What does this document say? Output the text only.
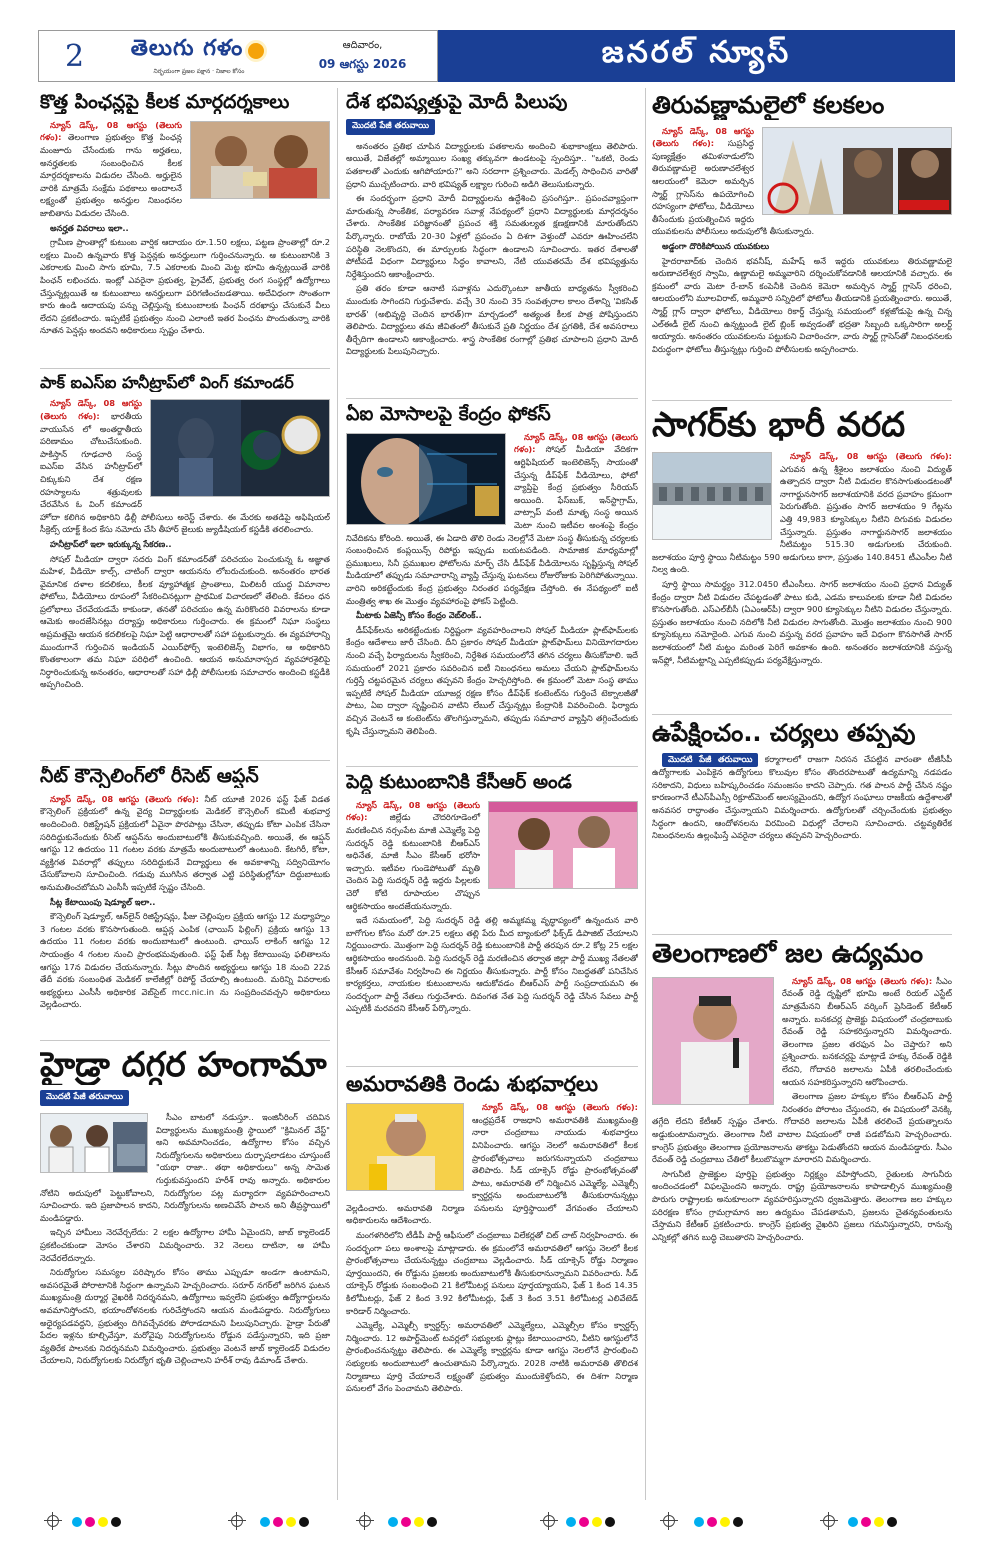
2	తెలుగు గళం
నిర్భయంగా ప్రజల పక్షాన · నిజాల కోసం
ఆదివారం,
09 ఆగస్టు 2026	జనరల్ న్యూస్
కొత్త పింఛన్లపై కీలక మార్గదర్శకాలు

న్యూస్ డెస్క్, 08 ఆగస్టు (తెలుగు గళం): తెలంగాణ ప్రభుత్వం కొత్త పింఛన్ల మంజూరు చేసేందుకు గాను అర్హతలు, అనర్హతలకు సంబంధించిన కీలక మార్గదర్శకాలను విడుదల చేసింది. అర్హులైన వారికి మాత్రమే సంక్షేమ పథకాలు అందాలనే లక్ష్యంతో ప్రభుత్వం అనర్హుల నిబంధనల జాబితాను విడుదల చేసింది.

అనర్హత వివరాలు ఇలా..

గ్రామీణ ప్రాంతాల్లో కుటుంబ వార్షిక ఆదాయం రూ.1.50 లక్షలు, పట్టణ ప్రాంతాల్లో రూ.2 లక్షలు మించి ఉన్నవారు కొత్త పెన్షన్లకు అనర్హులుగా గుర్తించనున్నారు. ఆ కుటుంబానికి 3 ఎకరాలకు మించి సాగు భూమి, 7.5 ఎకరాలకు మించి మెట్ట భూమి ఉన్నట్లయితే వారికి పింఛన్ లభించదు. ఇంట్లో ఎవరైనా ప్రభుత్వ, ప్రైవేట్, ప్రభుత్వ రంగ సంస్థల్లో ఉద్యోగాలు చేస్తున్నట్లయితే ఆ కుటుంబాలు అనర్హులుగా పరిగణించబడతాయి. అదేవిధంగా సొంతంగా కారు ఉండి ఆదాయపు పన్ను చెల్లిస్తున్న కుటుంబాలకు పింఛన్ దరఖాస్తు చేసుకునే వీలు లేదని ప్రకటించారు. ఇప్పటికే ప్రభుత్వం నుంచి ఎలాంటి ఇతర పింఛను పొందుతున్నా వారికి నూతన పెన్షన్లు అందవని అధికారులు స్పష్టం చేశారు.

పాక్ ఐఎస్ఐ హనీట్రాప్‌లో వింగ్ కమాండర్

న్యూస్ డెస్క్, 08 ఆగస్టు (తెలుగు గళం): భారతీయ వాయుసేన లో అంతర్జాతీయ పరిణామం చోటుచేసుకుంది. పాకిస్తాన్ గూఢచారి సంస్థ ఐఎస్ఐ వేసిన హనీట్రాప్‌లో చిక్కుకుని దేశ రక్షణ రహస్యాలను శత్రువులకు చేరవేసిన ఓ వింగ్ కమాండర్ హోదా కలిగిన అధికారిని ఢిల్లీ పోలీసులు అరెస్ట్ చేశారు. ఈ మేరకు అతడిపై అఫిషియల్ సీక్రెట్స్ యాక్ట్ కింద కేసు నమోదు చేసి తీహార్ జైలుకు జ్యుడీషియల్ కస్టడీకి తరలించారు.

హనీట్రాప్‌లో ఇలా ఇరుక్కున్న సేకరణ..

సోషల్ మీడియా ద్వారా సదరు వింగ్ కమాండర్‌తో పరిచయం పెంచుకున్న ఓ అజ్ఞాత మహిళ, వీడియో కాల్స్, చాటింగ్ ద్వారా ఆయనను లోబరుచుకుంది. అనంతరం భారత వైమానిక దళాల కదలికలు, కీలక వ్యూహాత్మక ప్రాంతాలు, మిలిటరీ యుద్ధ విమానాల ఫోటోలు, వీడియోలు రూపంలో సేకరించినట్లుగా ప్రాథమిక విచారణలో తేలింది. కేవలం ధన ప్రలోభాలు చేరవేయడమే కాకుండా, తనతో పరిచయం ఉన్న మరికొందరి వివరాలను కూడా ఆమెకు అందజేసినట్లు దర్యాప్తు అధికారులు గుర్తించారు. ఈ క్రమంలో నిఘా సంస్థలు అప్రమత్తమై ఆయన కదలికలపై నిఘా పెట్టి ఆధారాలతో సహా పట్టుకున్నారు. ఈ వ్యవహారాన్ని ముందుగానే గుర్తించిన ఇండియన్ ఎయిర్‌ఫోర్స్ ఇంటెలిజెన్స్ విభాగం, ఆ అధికారిని కొంతకాలంగా తమ నిఘా పరిధిలో ఉంచింది. ఆయన అనుమానాస్పద వ్యవహారశైలిపై నిర్ధారించుకున్న అనంతరం, ఆధారాలతో సహా ఢిల్లీ పోలీసులకు సమాచారం అందించి కస్టడీకి అప్పగించింది.

నీట్ కౌన్సెలింగ్‌లో రీసెట్ ఆప్షన్

న్యూస్ డెస్క్, 08 ఆగస్టు (తెలుగు గళం): నీట్ యూజీ 2026 ఫస్ట్ ఫేజ్ విడత కౌన్సెలింగ్ ప్రక్రియలో ఉన్న వైద్య విద్యార్థులకు మెడికల్ కౌన్సెలింగ్ కమిటీ శుభవార్త అందించింది. రిజిస్ట్రేషన్ ప్రక్రియలో ఏవైనా పొరపాట్లు చేసినా, తప్పుడు కోటా ఎంపిక చేసినా సరిదిద్దుకునేందుకు రీసెట్ ఆప్షన్‌ను అందుబాటులోకి తీసుకువచ్చింది. అయితే, ఈ ఆప్షన్ ఆగస్టు 12 ఉదయం 11 గంటల వరకు మాత్రమే అందుబాటులో ఉంటుంది. కేటగిరీ, కోటా, వ్యక్తిగత వివరాల్లో తప్పులు సరిదిద్దుకునే విద్యార్థులు ఈ అవకాశాన్ని సద్వినియోగం చేసుకోవాలని సూచించింది. గడువు ముగిసిన తర్వాత ఎట్టి పరిస్థితుల్లోనూ దిద్దుబాటుకు అనుమతించబోమని ఎంసీసీ ఇప్పటికే స్పష్టం చేసింది.

సీట్ల కేటాయింపు షెడ్యూల్ ఇలా..

కౌన్సెలింగ్ షెడ్యూల్, ఆన్‌లైన్ రిజిస్ట్రేషన్లు, ఫీజు చెల్లింపుల ప్రక్రియ ఆగస్టు 12 మధ్యాహ్నం 3 గంటల వరకు కొనసాగుతుంది. ఆప్షన్ల ఎంపిక (ఛాయిస్ ఫిల్లింగ్) ప్రక్రియ ఆగస్టు 13 ఉదయం 11 గంటల వరకు అందుబాటులో ఉంటుంది. ఛాయిస్ లాకింగ్ ఆగస్టు 12 సాయంత్రం 4 గంటల నుంచి ప్రారంభమవుతుంది. ఫస్ట్ ఫేజ్ సీట్ల కేటాయింపు ఫలితాలను ఆగస్టు 17న విడుదల చేయనున్నారు. సీట్లు పొందిన అభ్యర్థులు ఆగస్టు 18 నుంచి 22వ తేదీ వరకు సంబంధిత మెడికల్ కాలేజీల్లో రిపోర్ట్ చేయాల్సి ఉంటుంది. మరిన్ని వివరాలకు అభ్యర్థులు ఎంసీసీ అధికారిక వెబ్‌సైట్ mcc.nic.in ను సంప్రదించవచ్చని అధికారులు వెల్లడించారు.

హైడ్రా దగ్గర హంగామా
మొదటి పేజీ తరువాయి

సీఎం బాటలో నడుస్తూ.. ఇంజినీరింగ్ చదివిన విద్యార్థులను ముఖ్యమంత్రి స్థాయిలో "క్రిమినల్ వేస్ట్" అని అవమానించడం, ఉద్యోగాల కోసం వచ్చిన నిరుద్యోగులను అధికారులు దుర్భాషలాడటం చూస్తుంటే "యథా రాజా.. తథా అధికారులు" అన్న సామెత గుర్తుకువస్తుందని హరీశ్ రావు అన్నారు. అధికారుల నోటిని అదుపులో పెట్టుకోవాలని, నిరుద్యోగుల పట్ల మర్యాదగా వ్యవహరించాలని సూచించారు. ఇది ప్రజాపాలన కాదని, నిరుద్యోగులను అణచివేసే పాలన అని తీవ్రస్థాయిలో మండిపడ్డారు.

ఇచ్చిన హామీలు నెరవేర్చలేదు: 2 లక్షల ఉద్యోగాల హామీ ఏమైందని, జాబ్ క్యాలెండర్ ప్రకటించకుండా మోసం చేశారని విమర్శించారు. 32 నెలలు దాటినా, ఆ హామీ నెరవేరలేదన్నారు.

నిరుద్యోగుల సమస్యల పరిష్కారం కోసం తాము ఎప్పుడూ అండగా ఉంటామని, అవసరమైతే పోరాటానికి సిద్ధంగా ఉన్నామని హెచ్చరించారు. సరూర్ నగర్‌లో జరిగిన ఘటన ముఖ్యమంత్రి దుర్మార్గ వైఖరికి నిదర్శనమని, ఉద్యోగాలు ఇవ్వలేని ప్రభుత్వం ఉద్యోగార్థులను అవమానిస్తోందని, భయాందోళనలకు గురిచేస్తోందని ఆయన మండిపడ్డారు. నిరుద్యోగులు అధైర్యపడవద్దని, ప్రభుత్వం దిగివచ్చేవరకు పోరాడదామని పిలుపునిచ్చారు. హైడ్రా పేరుతో పేదల ఇళ్లను కూల్చివేస్తూ, మరోవైపు నిరుద్యోగులను రోడ్డున పడేస్తున్నారని, ఇది ప్రజా వ్యతిరేక పాలనకు నిదర్శనమని విమర్శించారు. ప్రభుత్వం వెంటనే జాబ్ క్యాలెండర్ విడుదల చేయాలని, నిరుద్యోగులకు నిరుద్యోగ భృతి చెల్లించాలని హరీశ్ రావు డిమాండ్ చేశారు.

దేశ భవిష్యత్తుపై మోదీ పిలుపు
మొదటి పేజీ తరువాయి

అనంతరం ప్రతిభ చూపిన విద్యార్థులకు పతకాలను అందించి శుభాకాంక్షలు తెలిపారు. అయితే, విజేతల్లో అమ్మాయిల సంఖ్య తక్కువగా ఉండటంపై స్పందిస్తూ.. "ఒకటి, రెండు పతకాలతో ఎందుకు ఆగిపోయారు?" అని సరదాగా ప్రశ్నించారు. మెడల్స్ సాధించిన వారితో ప్రధాని ముచ్చటించారు. వారి భవిష్యత్ లక్ష్యాల గురించి అడిగి తెలుసుకున్నారు.

ఈ సందర్భంగా ప్రధాని మోదీ విద్యార్థులను ఉద్దేశించి ప్రసంగిస్తూ.. ప్రపంచవ్యాప్తంగా మారుతున్న సాంకేతిక, పర్యావరణ సవాళ్ల నేపథ్యంలో ప్రధాని విద్యార్థులకు మార్గదర్శనం చేశారు. సాంకేతిక పరిజ్ఞానంతో ప్రపంచ శక్తి సమతుల్యత క్షణక్షణానికి మారుతోందని పేర్కొన్నారు. రాబోయే 20-30 ఏళ్లలో ప్రపంచం ఏ దిశగా వెళ్తుందో ఎవరూ ఊహించలేని పరిస్థితి నెలకొందని, ఈ మార్పులకు సిద్ధంగా ఉండాలని సూచించారు. ఇతర దేశాలతో పోటీపడే విధంగా విద్యార్థులు సిద్ధం కావాలని, నేటి యువతరమే దేశ భవిష్యత్తును నిర్దేశిస్తుందని ఆకాంక్షించారు.

ప్రతి తరం కూడా ఆనాటి సవాళ్లను ఎదుర్కొంటూ జాతీయ బాధ్యతను స్వీకరించి ముందుకు సాగిందని గుర్తుచేశారు. వచ్చే 30 నుంచి 35 సంవత్సరాల కాలం దేశాన్ని 'వికసిత్ భారత్' (అభివృద్ధి చెందిన భారత్)గా మార్చడంలో అత్యంత కీలక పాత్ర పోషిస్తుందని తెలిపారు. విద్యార్థులు తమ జీవితంలో తీసుకునే ప్రతి నిర్ణయం దేశ ప్రగతికి, దేశ అవసరాలు తీర్చేదిగా ఉండాలని ఆకాంక్షించారు. శాస్త్ర సాంకేతిక రంగాల్లో ప్రతిభ చూపాలని ప్రధాని మోదీ విద్యార్థులకు పిలుపునిచ్చారు.

ఏఐ మోసాలపై కేంద్రం ఫోకస్

న్యూస్ డెస్క్, 08 ఆగస్టు (తెలుగు గళం): సోషల్ మీడియా వేదికగా ఆర్టిఫిషియల్ ఇంటెలిజెన్స్ సాయంతో చేస్తున్న డీప్‌ఫేక్ వీడియోలు, ఫోటో వ్యాప్తిపై కేంద్ర ప్రభుత్వం సీరియస్ అయింది. ఫేస్‌బుక్, ఇన్‌స్టాగ్రామ్, వాట్సాప్ వంటి మాతృ సంస్థ అయిన మెటా నుంచి ఇటీవల అంశంపై కేంద్రం నివేదికను కోరింది. అయితే, ఈ ఏడాది తొలి రెండు నెలల్లోనే మెటా సంస్థ తీసుకున్న చర్యలకు సంబంధించిన కంప్లయిన్స్ రిపోర్టు ఇప్పుడు బయటపడింది. సామాజిక మాధ్యమాల్లో ప్రముఖులు, సినీ ప్రముఖుల ఫోటోలను మార్ఫ్ చేసి డీప్‌ఫేక్ వీడియోలను సృష్టిస్తున్న సోషల్ మీడియాలో తప్పుడు సమాచారాన్ని వ్యాప్తి చేస్తున్న ఘటనలు రోజురోజుకు పెరిగిపోతున్నాయి. వారిని అరికట్టేందుకు కేంద్ర ప్రభుత్వం నిరంతర పర్యవేక్షణ చేస్తోంది. ఈ నేపథ్యంలో ఐటీ మంత్రిత్వ శాఖ ఈ మొత్తం వ్యవహారంపై ఫోకస్ పెట్టింది.

మీటాకు ఏజెన్సీ కోసం కేంద్రం వెబ్‌లింక్..

డీప్‌ఫేక్‌లను అరికట్టేందుకు నిర్దిష్టంగా వ్యవహరించాలని సోషల్ మీడియా ప్లాట్‌ఫామ్‌లకు కేంద్రం ఆదేశాలు జారీ చేసింది. దీని ప్రకారం సోషల్ మీడియా ప్లాట్‌ఫామ్‌లు వినియోగదారుల నుంచి వచ్చే ఫిర్యాదులను స్వీకరించి, నిర్దేశిత సమయంలోనే తగిన చర్యలు తీసుకోవాలి. ఇదే సమయంలో 2021 ప్రకారం సవరించిన ఐటీ నిబంధనలు అమలు చేయని ప్లాట్‌ఫామ్‌లను గుర్తిస్తే చట్టపరమైన చర్యలు తప్పవని కేంద్రం హెచ్చరిస్తోంది. ఈ క్రమంలో మెటా సంస్థ తాము ఇప్పటికే సోషల్ మీడియా యూజర్ల రక్షణ కోసం డీప్‌ఫేక్ కంటెంట్‌ను గుర్తించే టెక్నాలజీతో పాటు, ఏఐ ద్వారా సృష్టించిన వాటిని లేబుల్ చేస్తున్నట్లు కేంద్రానికి వివరించింది. ఫిర్యాదు వచ్చిన వెంటనే ఆ కంటెంట్‌ను తొలగిస్తున్నామని, తప్పుడు సమాచార వ్యాప్తిని తగ్గించేందుకు కృషి చేస్తున్నామని తెలిపింది.

పెద్ది కుటుంబానికి కేసీఆర్ అండ

న్యూస్ డెస్క్, 08 ఆగస్టు (తెలుగు గళం):	జిల్లేడు చౌదరిగూడెంలో మరణించిన నర్సంపేట మాజీ ఎమ్మెల్యే పెద్ది సుదర్శన్ రెడ్డి కుటుంబానికి బీఆర్ఎస్ అధినేత, మాజీ సీఎం కేసీఆర్ భరోసా ఇచ్చారు. ఇటీవల గుండెపోటుతో మృతి చెందిన పెద్ది సుదర్శన్ రెడ్డి ఇద్దరు పిల్లలకు చెరో కోటి రూపాయల చొప్పున ఆర్థికసాయం అందజేయనున్నారు.

ఇదే సమయంలో, పెద్ది సుదర్శన్ రెడ్డి తల్లి అమ్మకమ్మ వృద్ధాప్యంలో ఉన్నందున వారి బాగోగుల కోసం మరో రూ.25 లక్షలు తల్లి పేరు మీద బ్యాంకులో ఫిక్స్‌డ్ డిపాజిట్ చేయాలని నిర్ణయించారు. మొత్తంగా పెద్ది సుదర్శన్ రెడ్డి కుటుంబానికి పార్టీ తరపున రూ.2 కోట్ల 25 లక్షల ఆర్థికసాయం అందనుంది. పెద్ది సుదర్శన్ రెడ్డి మరణించిన తర్వాత జిల్లా పార్టీ ముఖ్య నేతలతో కేసీఆర్ సమావేశం నిర్వహించి ఈ నిర్ణయం తీసుకున్నారు. పార్టీ కోసం నిబద్ధతతో పనిచేసిన కార్యకర్తలు, నాయకుల కుటుంబాలను ఆదుకోవడం బీఆర్ఎస్ పార్టీ సంప్రదాయమని ఈ సందర్భంగా పార్టీ నేతలు గుర్తుచేశారు. దివంగత నేత పెద్ది సుదర్శన్ రెడ్డి చేసిన సేవలు పార్టీ ఎప్పటికీ మరవదని కేసీఆర్ పేర్కొన్నారు.

అమరావతికి రెండు శుభవార్తలు

న్యూస్ డెస్క్, 08 ఆగస్టు (తెలుగు గళం): ఆంధ్రప్రదేశ్ రాజధాని అమరావతికి ముఖ్యమంత్రి నారా చంద్రబాబు నాయుడు శుభవార్తలు వినిపించారు. ఆగస్టు నెలలో అమరావతిలో కీలక ప్రారంభోత్సవాలు జరుగనున్నాయని చంద్రబాబు తెలిపారు. సీడ్ యాక్సెస్ రోడ్డు ప్రారంభోత్సవంతో పాటు, అమరావతి లో నిర్మించిన ఎమ్మెల్యే, ఎమ్మెల్సీ క్వార్టర్లను అందుబాటులోకి తీసుకురానున్నట్లు వెల్లడించారు. అమరావతి నిర్మాణ పనులను పూర్తిస్థాయిలో వేగవంతం చేయాలని అధికారులను ఆదేశించారు.

మంగళగిరిలోని టీడీపీ పార్టీ ఆఫీసులో చంద్రబాబు విలేకర్లతో చిట్ చాట్ నిర్వహించారు. ఈ సందర్భంగా పలు అంశాలపై మాట్లాడారు. ఈ క్రమంలోనే అమరావతిలో ఆగస్టు నెలలో కీలక ప్రారంభోత్సవాలు చేయనున్నట్టు చంద్రబాబు వెల్లడించారు. సీడ్ యాక్సెస్ రోడ్డు నిర్మాణం పూర్తయిందని, ఈ రోడ్డును ప్రజలకు అందుబాటులోకి తీసుకురానున్నామని వివరించారు. సీడ్ యాక్సెస్ రోడ్డుకు సంబంధించి 21 కిలోమీటర్ల పనులు పూర్తయ్యాయని, ఫేజ్ 1 కింద 14.35 కిలోమీటర్లు, ఫేజ్ 2 కింద 3.92 కిలోమీటర్లు, ఫేజ్ 3 కింద 3.51 కిలోమీటర్ల ఎలివేటెడ్ కారిడార్ నిర్మించారు.

ఎమ్మెల్యే, ఎమ్మెల్సీ క్వార్టర్స్: అమరావతిలో ఎమ్మెల్యేలు, ఎమ్మెల్సీల కోసం క్వార్టర్స్ నిర్మించారు. 12 అపార్ట్‌మెంట్ టవర్లలో సభ్యులకు ఫ్లాట్లు కేటాయించారని, వీటిని ఆగస్టులోనే ప్రారంభించనున్నట్టు తెలిపారు. ఈ ఎమ్మెల్యే క్వార్టర్లను కూడా ఆగస్టు నెలలోనే ప్రారంభించి సభ్యులకు అందుబాటులో ఉంచుతామని పేర్కొన్నారు. 2028 నాటికి అమరావతి తొలిదశ నిర్మాణాలు పూర్తి చేయాలనే లక్ష్యంతో ప్రభుత్వం ముందుకెళ్తోందని, ఈ దిశగా నిర్మాణ పనులలో వేగం పెంచామని తెలిపారు.

తిరువణ్ణామలైలో కలకలం

న్యూస్ డెస్క్, 08 ఆగస్టు (తెలుగు గళం): సుప్రసిద్ధ పుణ్యక్షేత్రం తమిళనాడులోని తిరువణ్ణామలై అరుణాచలేశ్వర ఆలయంలో కెమెరా అమర్చిన స్మార్ట్ గ్లాసెస్‌ను ఉపయోగించి రహస్యంగా ఫోటోలు, వీడియోలు తీసేందుకు ప్రయత్నించిన ఇద్దరు యువకులను పోలీసులు అదుపులోకి తీసుకున్నారు.

అడ్డంగా దొరికిపోయిన యువకులు

హైదరాబాద్‌కు చెందిన భవనీష్, మహేష్ అనే ఇద్దరు యువకులు తిరువణ్ణామలై అరుణాచలేశ్వర స్వామి, ఉణ్ణామలై అమ్మవారిని దర్శించుకోవడానికి ఆలయానికి వచ్చారు. ఈ క్రమంలో వారు మెటా రే-బాన్ కంపెనీకి చెందిన కెమెరా అమర్చిన స్మార్ట్ గ్లాసెస్ ధరించి, ఆలయంలోని మూలవిరాట్, అమ్మవారి సన్నిధిలో ఫోటోలు తీయడానికి ప్రయత్నించారు. అయితే, స్మార్ట్ గ్లాస్ ద్వారా ఫోటోలు, వీడియోలు రికార్డ్ చేస్తున్న సమయంలో కళ్లజోడుపై ఉన్న చిన్న ఎల్ఈడీ లైట్ నుంచి ఉన్నట్టుండి లైట్ బ్లింక్ అవ్వడంతో భద్రతా సిబ్బంది ఒక్కసారిగా అలర్ట్ అయ్యారు. అనంతరం యువకులను పట్టుకుని విచారించగా, వారు స్మార్ట్ గ్లాసెస్‌తో నిబంధనలకు విరుద్ధంగా ఫోటోలు తీస్తున్నట్లు గుర్తించి పోలీసులకు అప్పగించారు.

సాగర్‌కు భారీ వరద

న్యూస్ డెస్క్, 08 ఆగస్టు (తెలుగు గళం): ఎగువన ఉన్న శ్రీశైలం జలాశయం నుంచి విద్యుత్ ఉత్పాదన ద్వారా నీటి విడుదల కొనసాగుతుండటంతో నాగార్జునసాగర్ జలాశయానికి వరద ప్రవాహం క్రమంగా పెరుగుతోంది. ప్రస్తుతం సాగర్ జలాశయం 9 గేట్లను ఎత్తి 49,983 క్యూసెక్కుల నీటిని దిగువకు విడుదల చేస్తున్నారు. ప్రస్తుతం నాగార్జునసాగర్ జలాశయం నీటిమట్టం 515.30 అడుగులకు చేరుకుంది. జలాశయం పూర్తి స్థాయి నీటిమట్టం 590 అడుగులు కాగా, ప్రస్తుతం 140.8451 టీఎంసీల నీటి నిల్వ ఉంది.

పూర్తి స్థాయి సామర్థ్యం 312.0450 టీఎంసీలు. సాగర్ జలాశయం నుంచి ప్రధాన విద్యుత్ కేంద్రం ద్వారా నీటి విడుదల చేపట్టడంతో పాటు కుడి, ఎడమ కాలువలకు కూడా నీటి విడుదల కొనసాగుతోంది. ఎస్ఎల్‌బీసీ (ఏఎంఆర్‌పీ) ద్వారా 900 క్యూసెక్కుల నీటిని విడుదల చేస్తున్నారు. ప్రస్తుతం జలాశయం నుంచి నదిలోకి నీటి విడుదల సాగుతోంది. మొత్తం జలాశయం నుంచి 900 క్యూసెక్కులు నమోదైంది. ఎగువ నుంచి వస్తున్న వరద ప్రవాహం ఇదే విధంగా కొనసాగితే సాగర్ జలాశయంలో నీటి మట్టం మరింత పెరిగే అవకాశం ఉంది. అనంతరం జలాశయానికి వస్తున్న ఇన్‌ఫ్లో, నీటిమట్టాన్ని ఎప్పటికప్పుడు పర్యవేక్షిస్తున్నారు.

ఉపేక్షించం.. చర్యలు తప్పవు

మొదటి పేజీ తరువాయి కర్మాగాలలో రాజగా నిరసన చేపట్టిన వారంతా టీజీసీపీ ఉద్యోగాలకు ఎంపికైన ఉద్యోగులు కొలువుల కోసం తొందరపాటుతో ఉద్యమాన్ని నడపడం సరికాదని, విధులు బహిష్కరించడం సమంజసం కాదని చెప్పారు. గత పాలన పార్టీ చేసిన నష్టం కారణంగానే టీఎస్‌పీఎస్సీ రిక్రూట్‌మెంట్ ఆలస్యమైందని, ఉద్యోగ సంఘాలు రాజకీయ ఉద్దేశాలతో అనవసర రాద్ధాంతం చేస్తున్నాయని విమర్శించారు. ఉద్యోగులతో చర్చించేందుకు ప్రభుత్వం సిద్ధంగా ఉందని, ఆందోళనలను విరమించి విధుల్లో చేరాలని సూచించారు. చట్టవ్యతిరేక నిబంధనలను ఉల్లంఘిస్తే ఎవరైనా చర్యలు తప్పవని హెచ్చరించారు.

తెలంగాణలో జల ఉద్యమం

న్యూస్ డెస్క్, 08 ఆగస్టు (తెలుగు గళం): సీఎం రేవంత్ రెడ్డి దృష్టిలో భూమి అంటే రియల్ ఎస్టేట్ మాత్రమేనని బీఆర్ఎస్ వర్కింగ్ ప్రెసిడెంట్ కేటీఆర్ అన్నారు. బనకచర్ల ప్రాజెక్టు విషయంలో చంద్రబాబుకు రేవంత్ రెడ్డి సహకరిస్తున్నారని విమర్శించారు. తెలంగాణ ప్రజల తరఫున ఏం చెప్తారు? అని ప్రశ్నించారు. బనకచర్లపై మాట్లాడే హక్కు రేవంత్ రెడ్డికి లేదని, గోదావరి జలాలను ఏపీకి తరలించేందుకు ఆయన సహకరిస్తున్నారని ఆరోపించారు.

తెలంగాణ ప్రజల హక్కుల కోసం బీఆర్ఎస్ పార్టీ నిరంతరం పోరాటం చేస్తుందని, ఈ విషయంలో వెనక్కి తగ్గేది లేదని కేటీఆర్ స్పష్టం చేశారు. గోదావరి జలాలను ఏపీకి తరలించే ప్రయత్నాలను అడ్డుకుంటామన్నారు. తెలంగాణ నీటి వాటాల విషయంలో రాజీ పడబోమని హెచ్చరించారు. కాంగ్రెస్ ప్రభుత్వం తెలంగాణ ప్రయోజనాలను తాకట్టు పెడుతోందని ఆయన మండిపడ్డారు. సీఎం రేవంత్ రెడ్డి చంద్రబాబు చేతిలో కీలుబొమ్మగా మారారని విమర్శించారు.

సాగునీటి ప్రాజెక్టుల పూర్తిపై ప్రభుత్వం నిర్లక్ష్యం వహిస్తోందని, రైతులకు సాగునీరు అందించడంలో విఫలమైందని అన్నారు. రాష్ట్ర ప్రయోజనాలను కాపాడాల్సిన ముఖ్యమంత్రి పొరుగు రాష్ట్రాలకు అనుకూలంగా వ్యవహరిస్తున్నారని ధ్వజమెత్తారు. తెలంగాణ జల హక్కుల పరిరక్షణ కోసం గ్రామగ్రామాన జల ఉద్యమం చేపడతామని, ప్రజలను చైతన్యవంతులను చేస్తామని కేటీఆర్ ప్రకటించారు. కాంగ్రెస్ ప్రభుత్వ వైఖరిని ప్రజలు గమనిస్తున్నారని, రానున్న ఎన్నికల్లో తగిన బుద్ధి చెబుతారని హెచ్చరించారు.
